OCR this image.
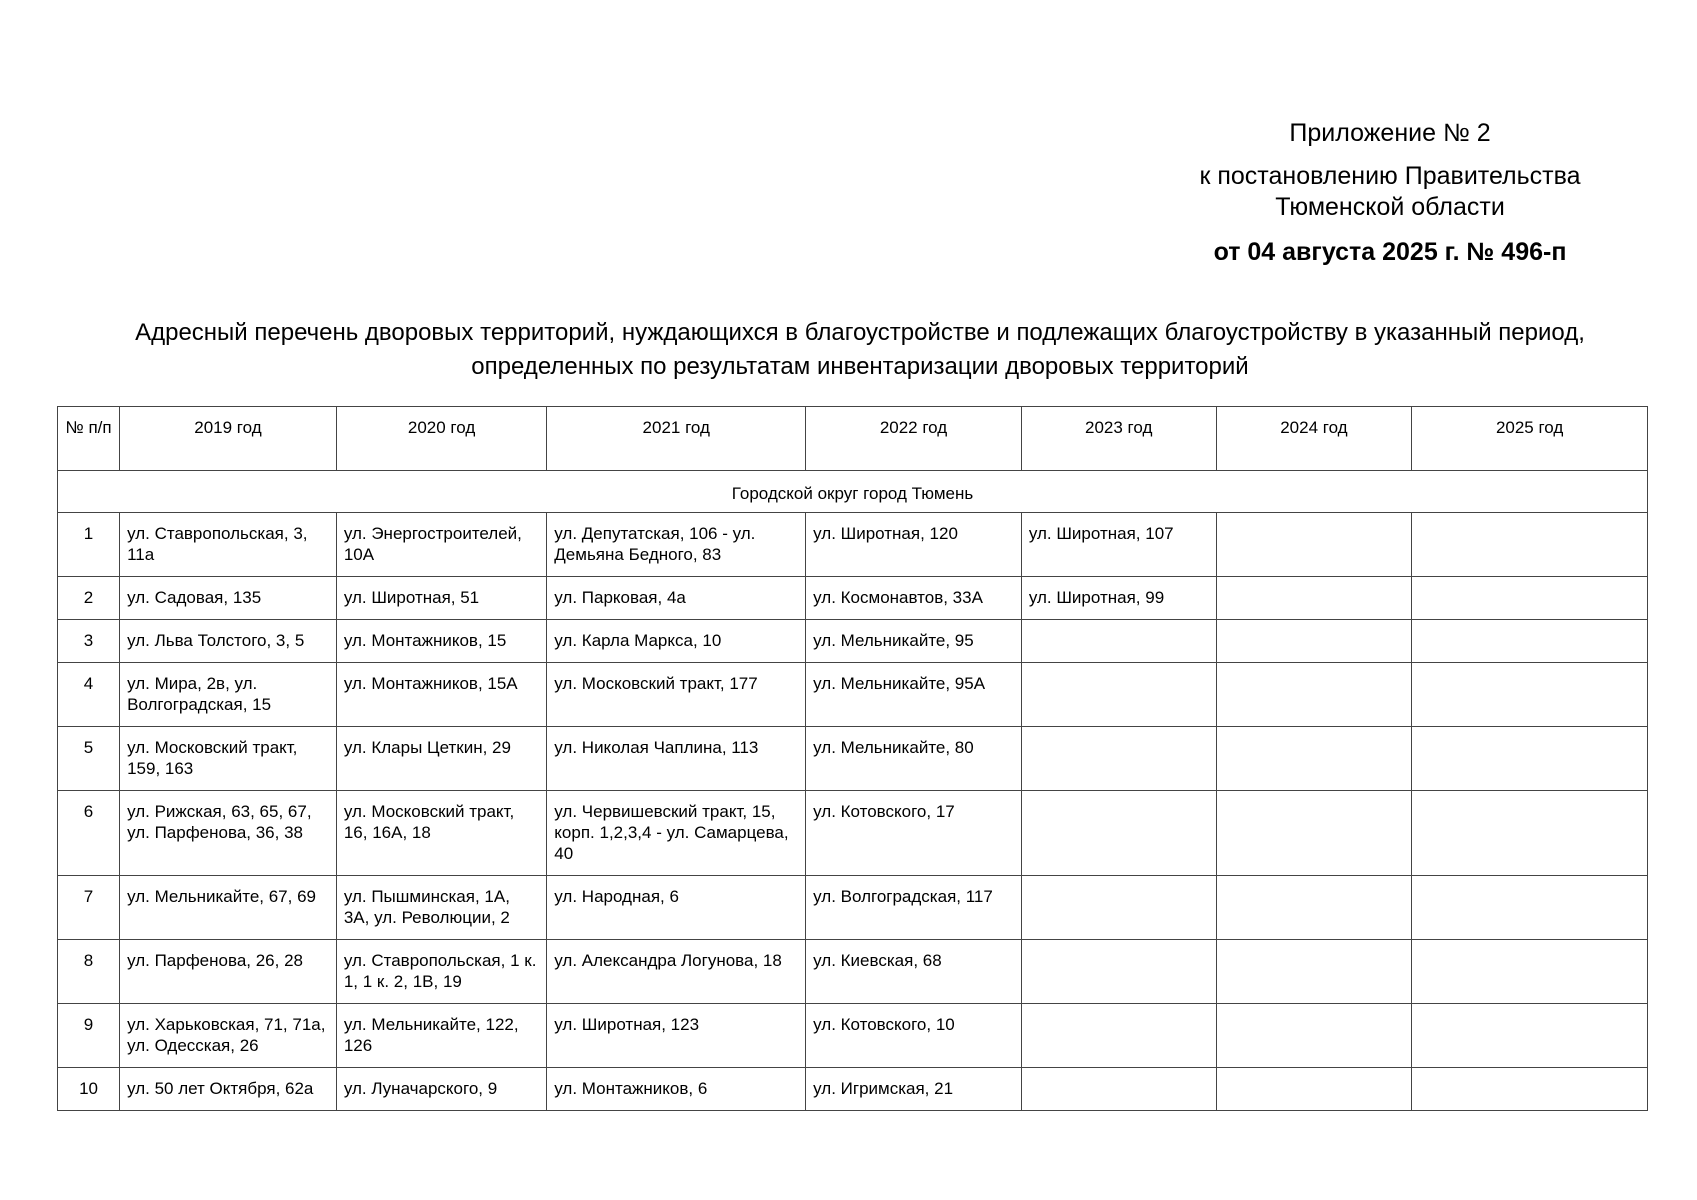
Приложение № 2
к постановлению Правительства
Тюменской области
от 04 августа 2025 г. № 496-п
Адресный перечень дворовых территорий, нуждающихся в благоустройстве и подлежащих благоустройству в указанный период, определенных по результатам инвентаризации дворовых территорий
№ п/п	2019 год	2020 год	2021 год	2022 год	2023 год	2024 год	2025 год
Городской округ город Тюмень							
1	ул. Ставропольская, 3, 11а	ул. Энергостроителей, 10А	ул. Депутатская, 106 - ул. Демьяна Бедного, 83	ул. Широтная, 120	ул. Широтная, 107		
2	ул. Садовая, 135	ул. Широтная, 51	ул. Парковая, 4а	ул. Космонавтов, 33А	ул. Широтная, 99		
3	ул. Льва Толстого, 3, 5	ул. Монтажников, 15	ул. Карла Маркса, 10	ул. Мельникайте, 95			
4	ул. Мира, 2в, ул. Волгоградская, 15	ул. Монтажников, 15А	ул. Московский тракт, 177	ул. Мельникайте, 95А			
5	ул. Московский тракт, 159, 163	ул. Клары Цеткин, 29	ул. Николая Чаплина, 113	ул. Мельникайте, 80			
6	ул. Рижская, 63, 65, 67, ул. Парфенова, 36, 38	ул. Московский тракт, 16, 16А, 18	ул. Червишевский тракт, 15, корп. 1,2,3,4 - ул. Самарцева, 40	ул. Котовского, 17			
7	ул. Мельникайте, 67, 69	ул. Пышминская, 1А, 3А, ул. Революции, 2	ул. Народная, 6	ул. Волгоградская, 117			
8	ул. Парфенова, 26, 28	ул. Ставропольская, 1 к. 1, 1 к. 2, 1В, 19	ул. Александра Логунова, 18	ул. Киевская, 68			
9	ул. Харьковская, 71, 71а, ул. Одесская, 26	ул. Мельникайте, 122, 126	ул. Широтная, 123	ул. Котовского, 10			
10	ул. 50 лет Октября, 62а	ул. Луначарского, 9	ул. Монтажников, 6	ул. Игримская, 21			
